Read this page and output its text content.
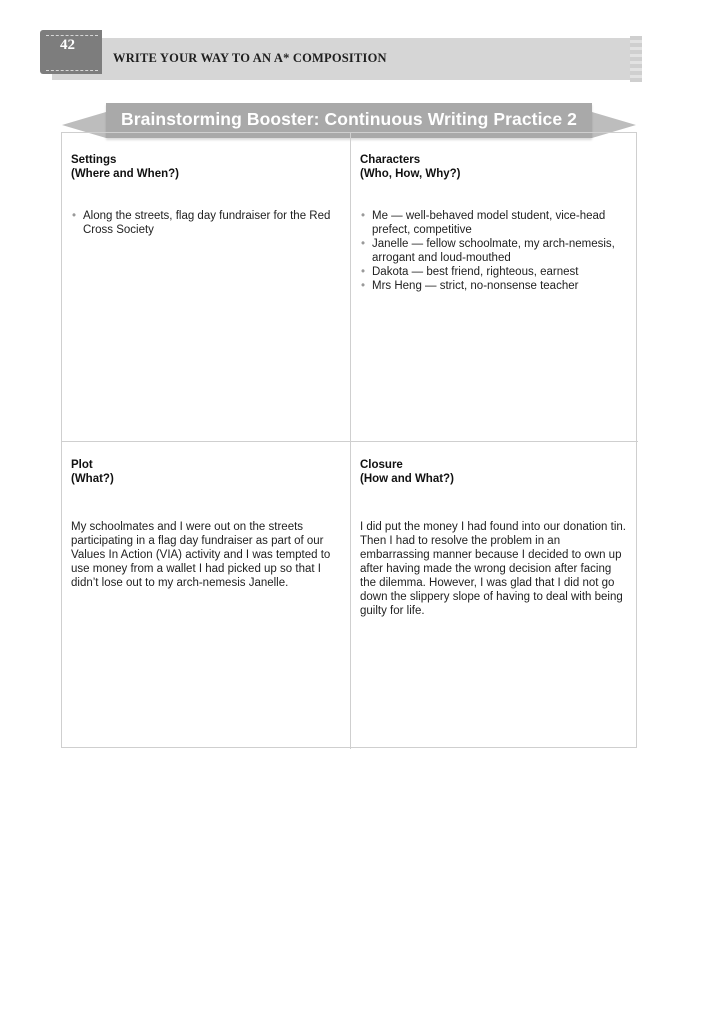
42
WRITE YOUR WAY TO AN A* COMPOSITION
Brainstorming Booster: Continuous Writing Practice 2
Settings
(Where and When?)
• Along the streets, flag day fundraiser for the Red Cross Society
Characters
(Who, How, Why?)
• Me — well-behaved model student, vice-head prefect, competitive
• Janelle — fellow schoolmate, my arch-nemesis, arrogant and loud-mouthed
• Dakota — best friend, righteous, earnest
• Mrs Heng — strict, no-nonsense teacher
Plot
(What?)
My schoolmates and I were out on the streets participating in a flag day fundraiser as part of our Values In Action (VIA) activity and I was tempted to use money from a wallet I had picked up so that I didn’t lose out to my arch-nemesis Janelle.
Closure
(How and What?)
I did put the money I had found into our donation tin. Then I had to resolve the problem in an embarrassing manner because I decided to own up after having made the wrong decision after facing the dilemma. However, I was glad that I did not go down the slippery slope of having to deal with being guilty for life.
